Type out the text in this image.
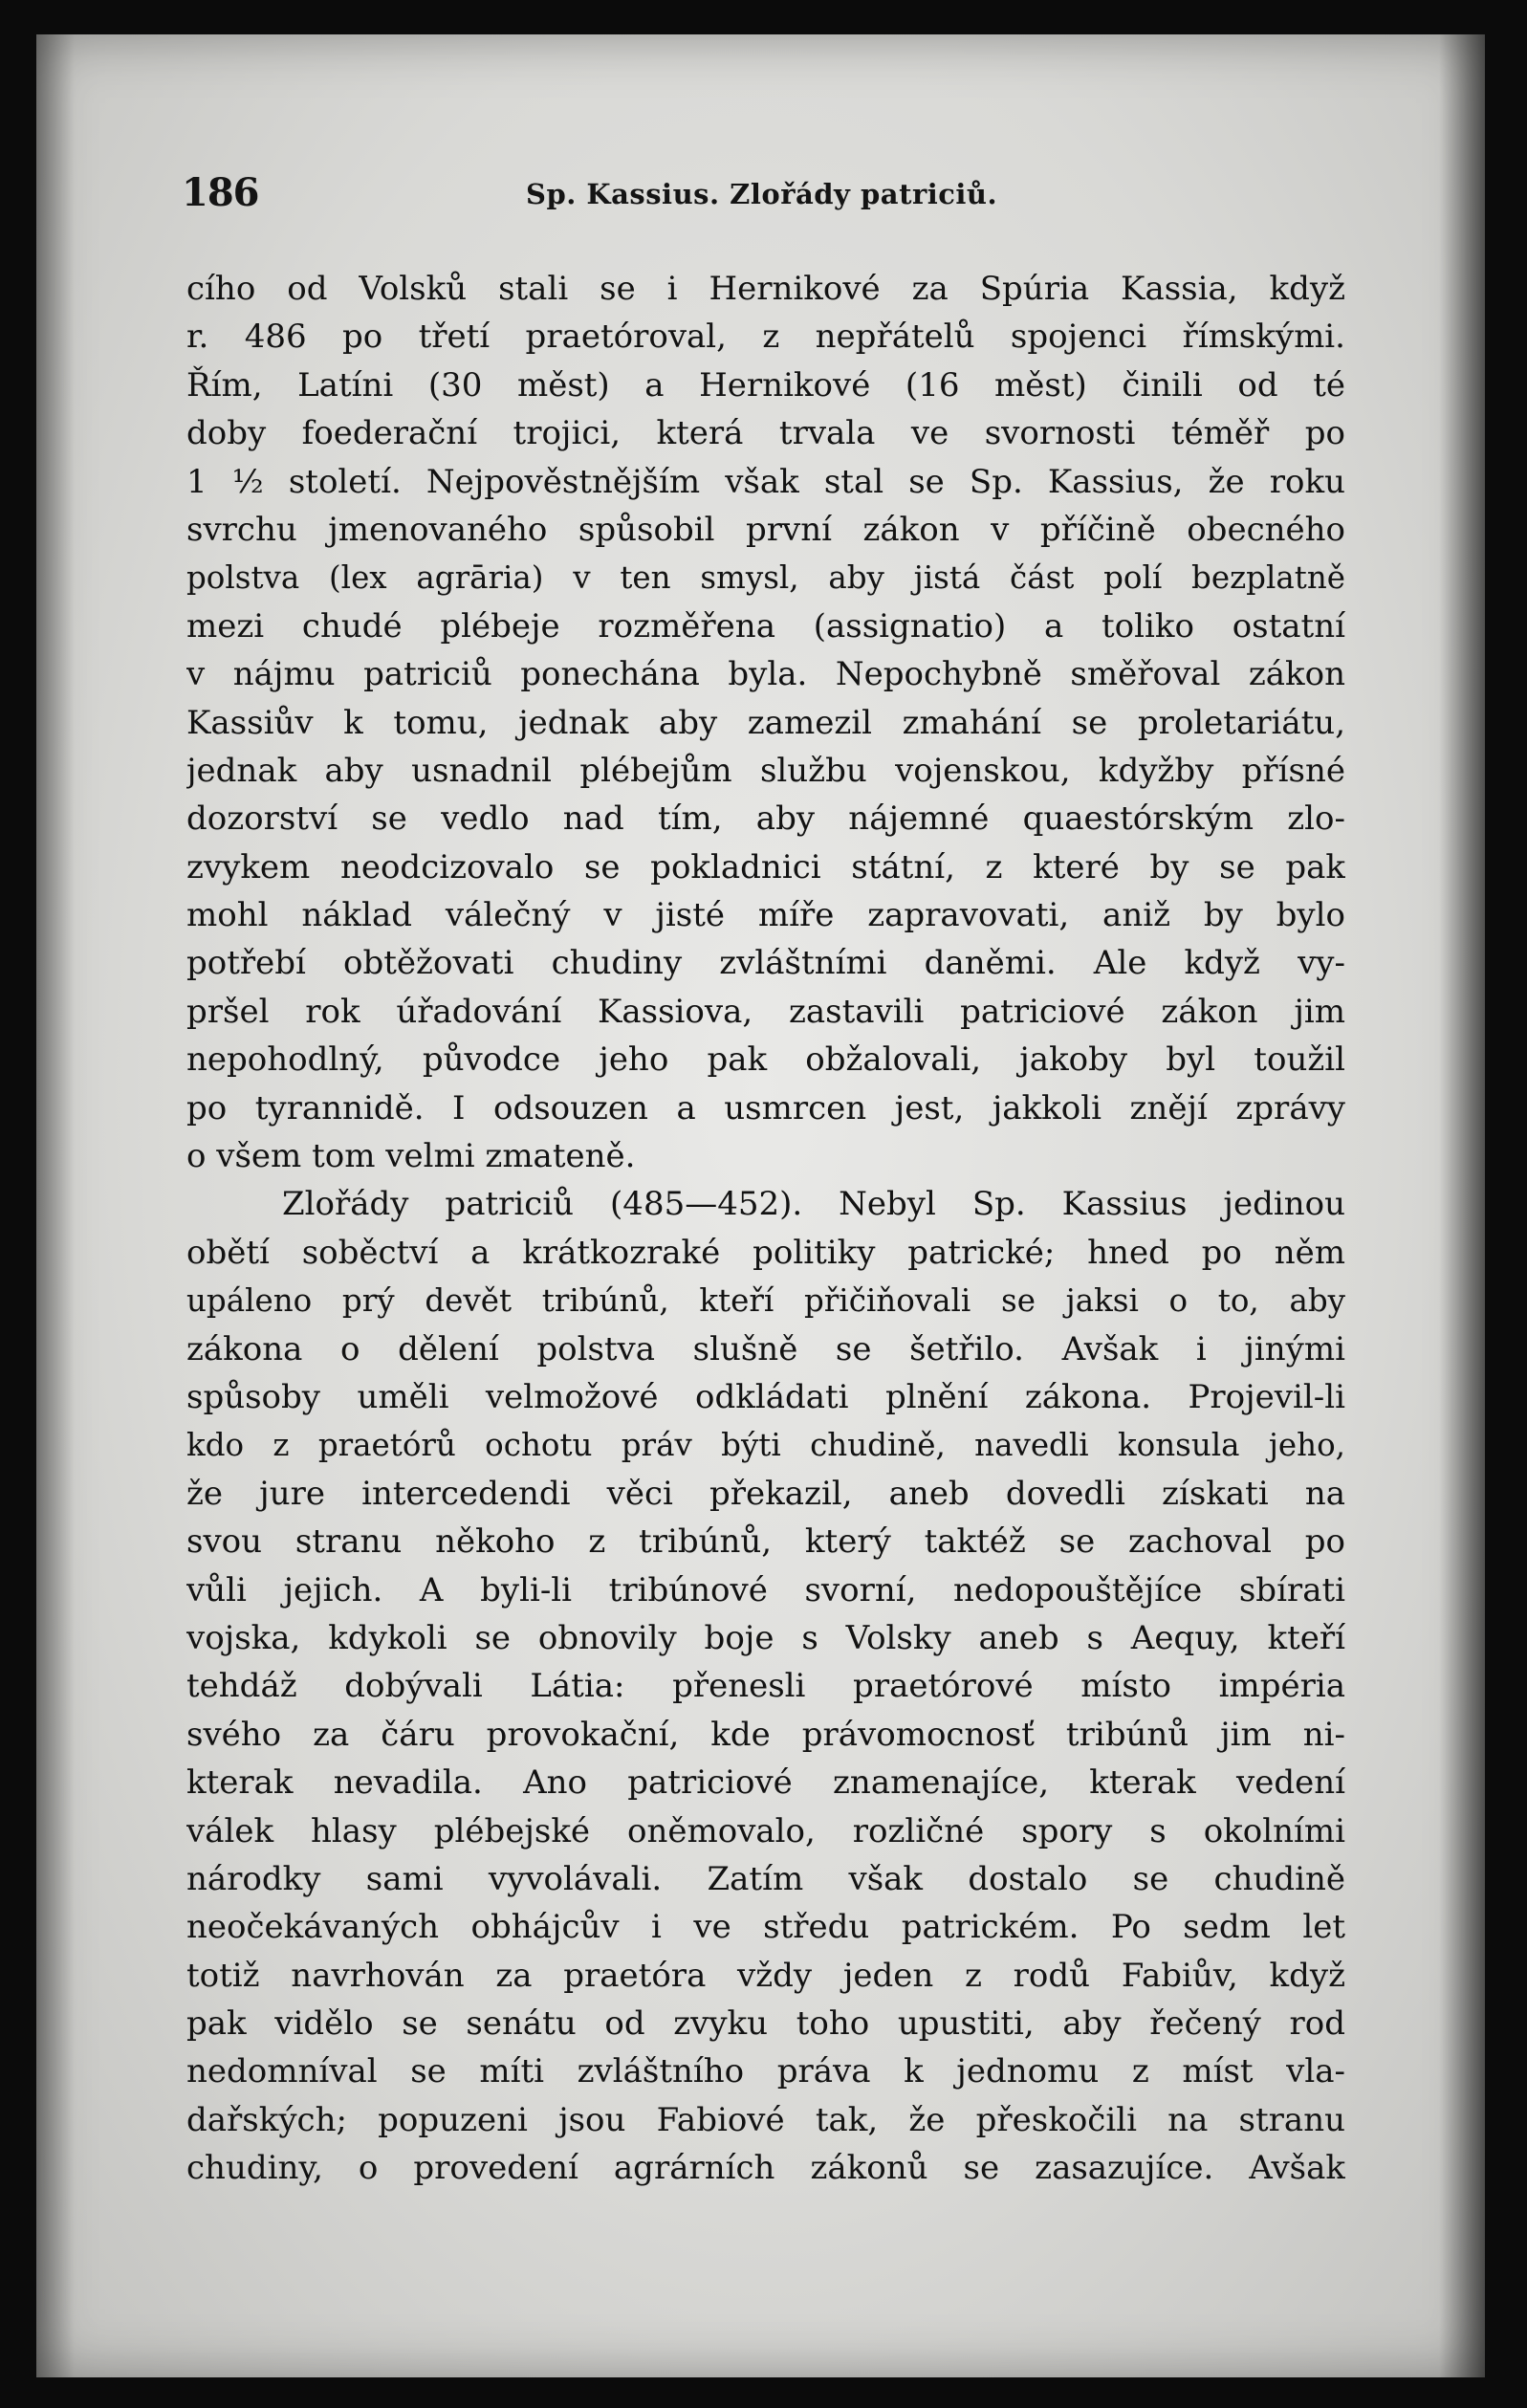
186	Sp. Kassius. Zlořády patriciů.
cího od Volsků stali se i Hernikové za Spúria Kassia, když
r. 486 po třetí praetóroval, z nepřátelů spojenci římskými.
Řím, Latíni (30 měst) a Hernikové (16 měst) činili od té
doby foederační trojici, která trvala ve svornosti téměř po
1 ½ století. Nejpověstnějším však stal se Sp. Kassius, že roku
svrchu jmenovaného spůsobil první zákon v příčině obecného
polstva (lex agrāria) v ten smysl, aby jistá část polí bezplatně
mezi chudé plébeje rozměřena (assignatio) a toliko ostatní
v nájmu patriciů ponechána byla. Nepochybně směřoval zákon
Kassiův k tomu, jednak aby zamezil zmahání se proletariátu,
jednak aby usnadnil plébejům službu vojenskou, kdyžby přísné
dozorství se vedlo nad tím, aby nájemné quaestórským zlo-
zvykem neodcizovalo se pokladnici státní, z které by se pak
mohl náklad válečný v jisté míře zapravovati, aniž by bylo
potřebí obtěžovati chudiny zvláštními daněmi. Ale když vy-
pršel rok úřadování Kassiova, zastavili patriciové zákon jim
nepohodlný, původce jeho pak obžalovali, jakoby byl toužil
po tyrannidě. I odsouzen a usmrcen jest, jakkoli znějí zprávy
o všem tom velmi zmateně.
Zlořády patriciů (485—452). Nebyl Sp. Kassius jedinou
obětí soběctví a krátkozraké politiky patrické; hned po něm
upáleno prý devět tribúnů, kteří přičiňovali se jaksi o to, aby
zákona o dělení polstva slušně se šetřilo. Avšak i jinými
spůsoby uměli velmožové odkládati plnění zákona. Projevil-li
kdo z praetórů ochotu práv býti chudině, navedli konsula jeho,
že jure intercedendi věci překazil, aneb dovedli získati na
svou stranu někoho z tribúnů, který taktéž se zachoval po
vůli jejich. A byli-li tribúnové svorní, nedopouštějíce sbírati
vojska, kdykoli se obnovily boje s Volsky aneb s Aequy, kteří
tehdáž dobývali Látia: přenesli praetórové místo impéria
svého za čáru provokační, kde právomocnosť tribúnů jim ni-
kterak nevadila. Ano patriciové znamenajíce, kterak vedení
válek hlasy plébejské oněmovalo, rozličné spory s okolními
národky sami vyvolávali. Zatím však dostalo se chudině
neočekávaných obhájcův i ve středu patrickém. Po sedm let
totiž navrhován za praetóra vždy jeden z rodů Fabiův, když
pak vidělo se senátu od zvyku toho upustiti, aby řečený rod
nedomníval se míti zvláštního práva k jednomu z míst vla-
dařských; popuzeni jsou Fabiové tak, že přeskočili na stranu
chudiny, o provedení agrárních zákonů se zasazujíce. Avšak
